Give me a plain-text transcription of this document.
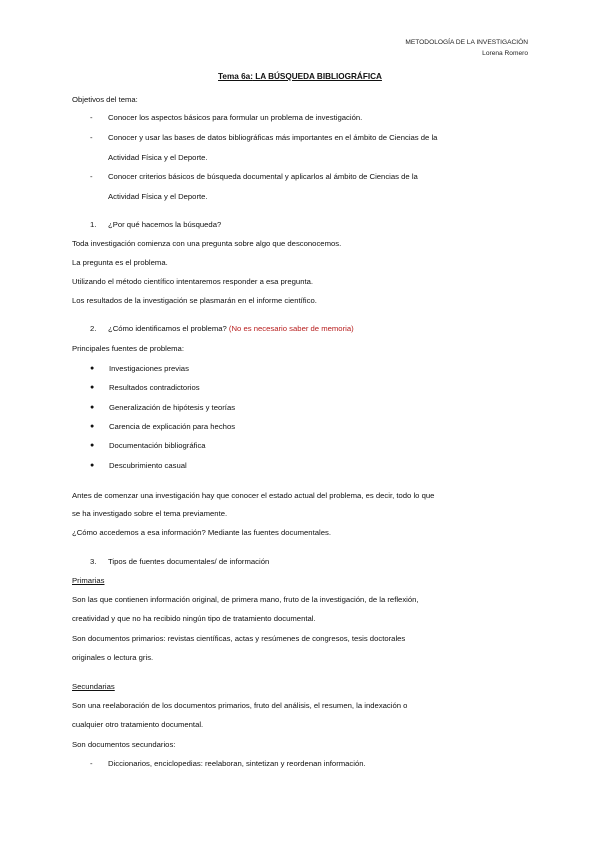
METODOLOGÍA DE LA INVESTIGACIÓN
Lorena Romero
Tema 6a: LA BÚSQUEDA BIBLIOGRÁFICA
Objetivos del tema:
- Conocer los aspectos básicos para formular un problema de investigación.
- Conocer y usar las bases de datos bibliográficas más importantes en el ámbito de Ciencias de la
Actividad Física y el Deporte.
- Conocer criterios básicos de búsqueda documental y aplicarlos al ámbito de Ciencias de la
Actividad Física y el Deporte.
1. ¿Por qué hacemos la búsqueda?
Toda investigación comienza con una pregunta sobre algo que desconocemos.
La pregunta es el problema.
Utilizando el método científico intentaremos responder a esa pregunta.
Los resultados de la investigación se plasmarán en el informe científico.
2. ¿Cómo identificamos el problema? (No es necesario saber de memoria)
Principales fuentes de problema:
● Investigaciones previas
● Resultados contradictorios
● Generalización de hipótesis y teorías
● Carencia de explicación para hechos
● Documentación bibliográfica
● Descubrimiento casual
Antes de comenzar una investigación hay que conocer el estado actual del problema, es decir, todo lo que
se ha investigado sobre el tema previamente.
¿Cómo accedemos a esa información? Mediante las fuentes documentales.
3. Tipos de fuentes documentales/ de información
Primarias
Son las que contienen información original, de primera mano, fruto de la investigación, de la reflexión,
creatividad y que no ha recibido ningún tipo de tratamiento documental.
Son documentos primarios: revistas científicas, actas y resúmenes de congresos, tesis doctorales
originales o lectura gris.
Secundarias
Son una reelaboración de los documentos primarios, fruto del análisis, el resumen, la indexación o
cualquier otro tratamiento documental.
Son documentos secundarios:
- Diccionarios, enciclopedias: reelaboran, sintetizan y reordenan información.
